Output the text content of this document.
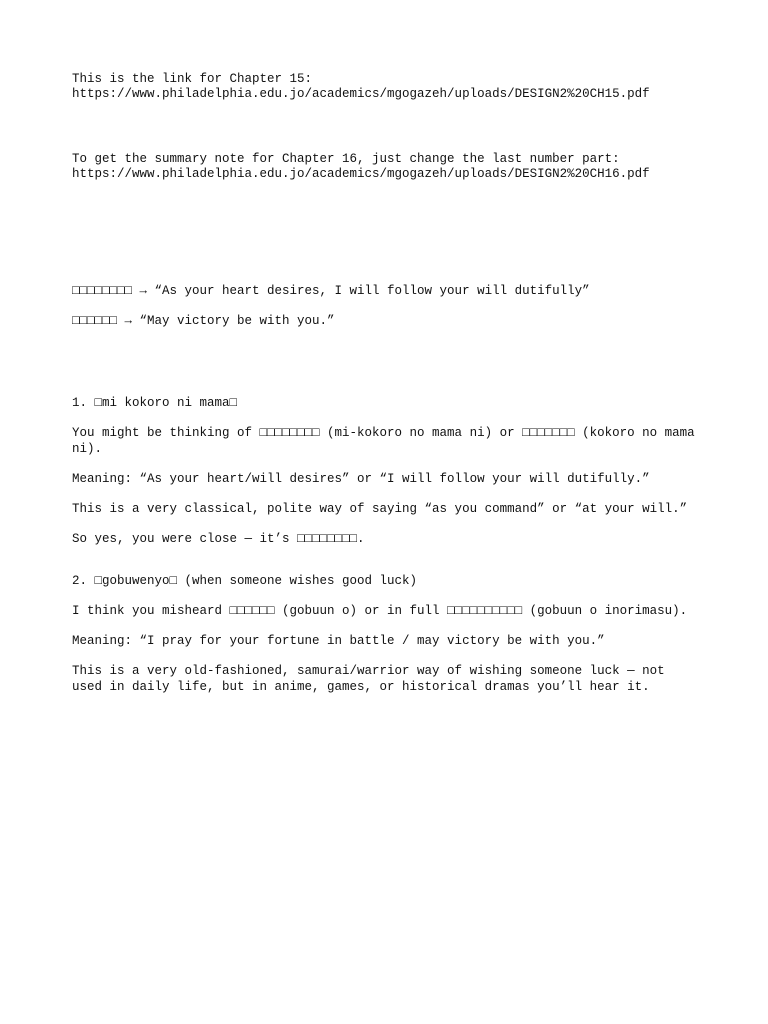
This is the link for Chapter 15:
https://www.philadelphia.edu.jo/academics/mgogazeh/uploads/DESIGN2%20CH15.pdf
To get the summary note for Chapter 16, just change the last number part:
https://www.philadelphia.edu.jo/academics/mgogazeh/uploads/DESIGN2%20CH16.pdf

□□□□□□□□ → “As your heart desires, I will follow your will dutifully”

□□□□□□ → “May victory be with you.”

1. □mi kokoro ni mama□

You might be thinking of □□□□□□□□ (mi-kokoro no mama ni) or □□□□□□□ (kokoro no mama ni).

Meaning: “As your heart/will desires” or “I will follow your will dutifully.”

This is a very classical, polite way of saying “as you command” or “at your will.”

So yes, you were close — it’s □□□□□□□□.

2. □gobuwenyo□ (when someone wishes good luck)

I think you misheard □□□□□□ (gobuun o) or in full □□□□□□□□□□ (gobuun o inorimasu).

Meaning: “I pray for your fortune in battle / may victory be with you.”

This is a very old-fashioned, samurai/warrior way of wishing someone luck — not used in daily life, but in anime, games, or historical dramas you’ll hear it.
